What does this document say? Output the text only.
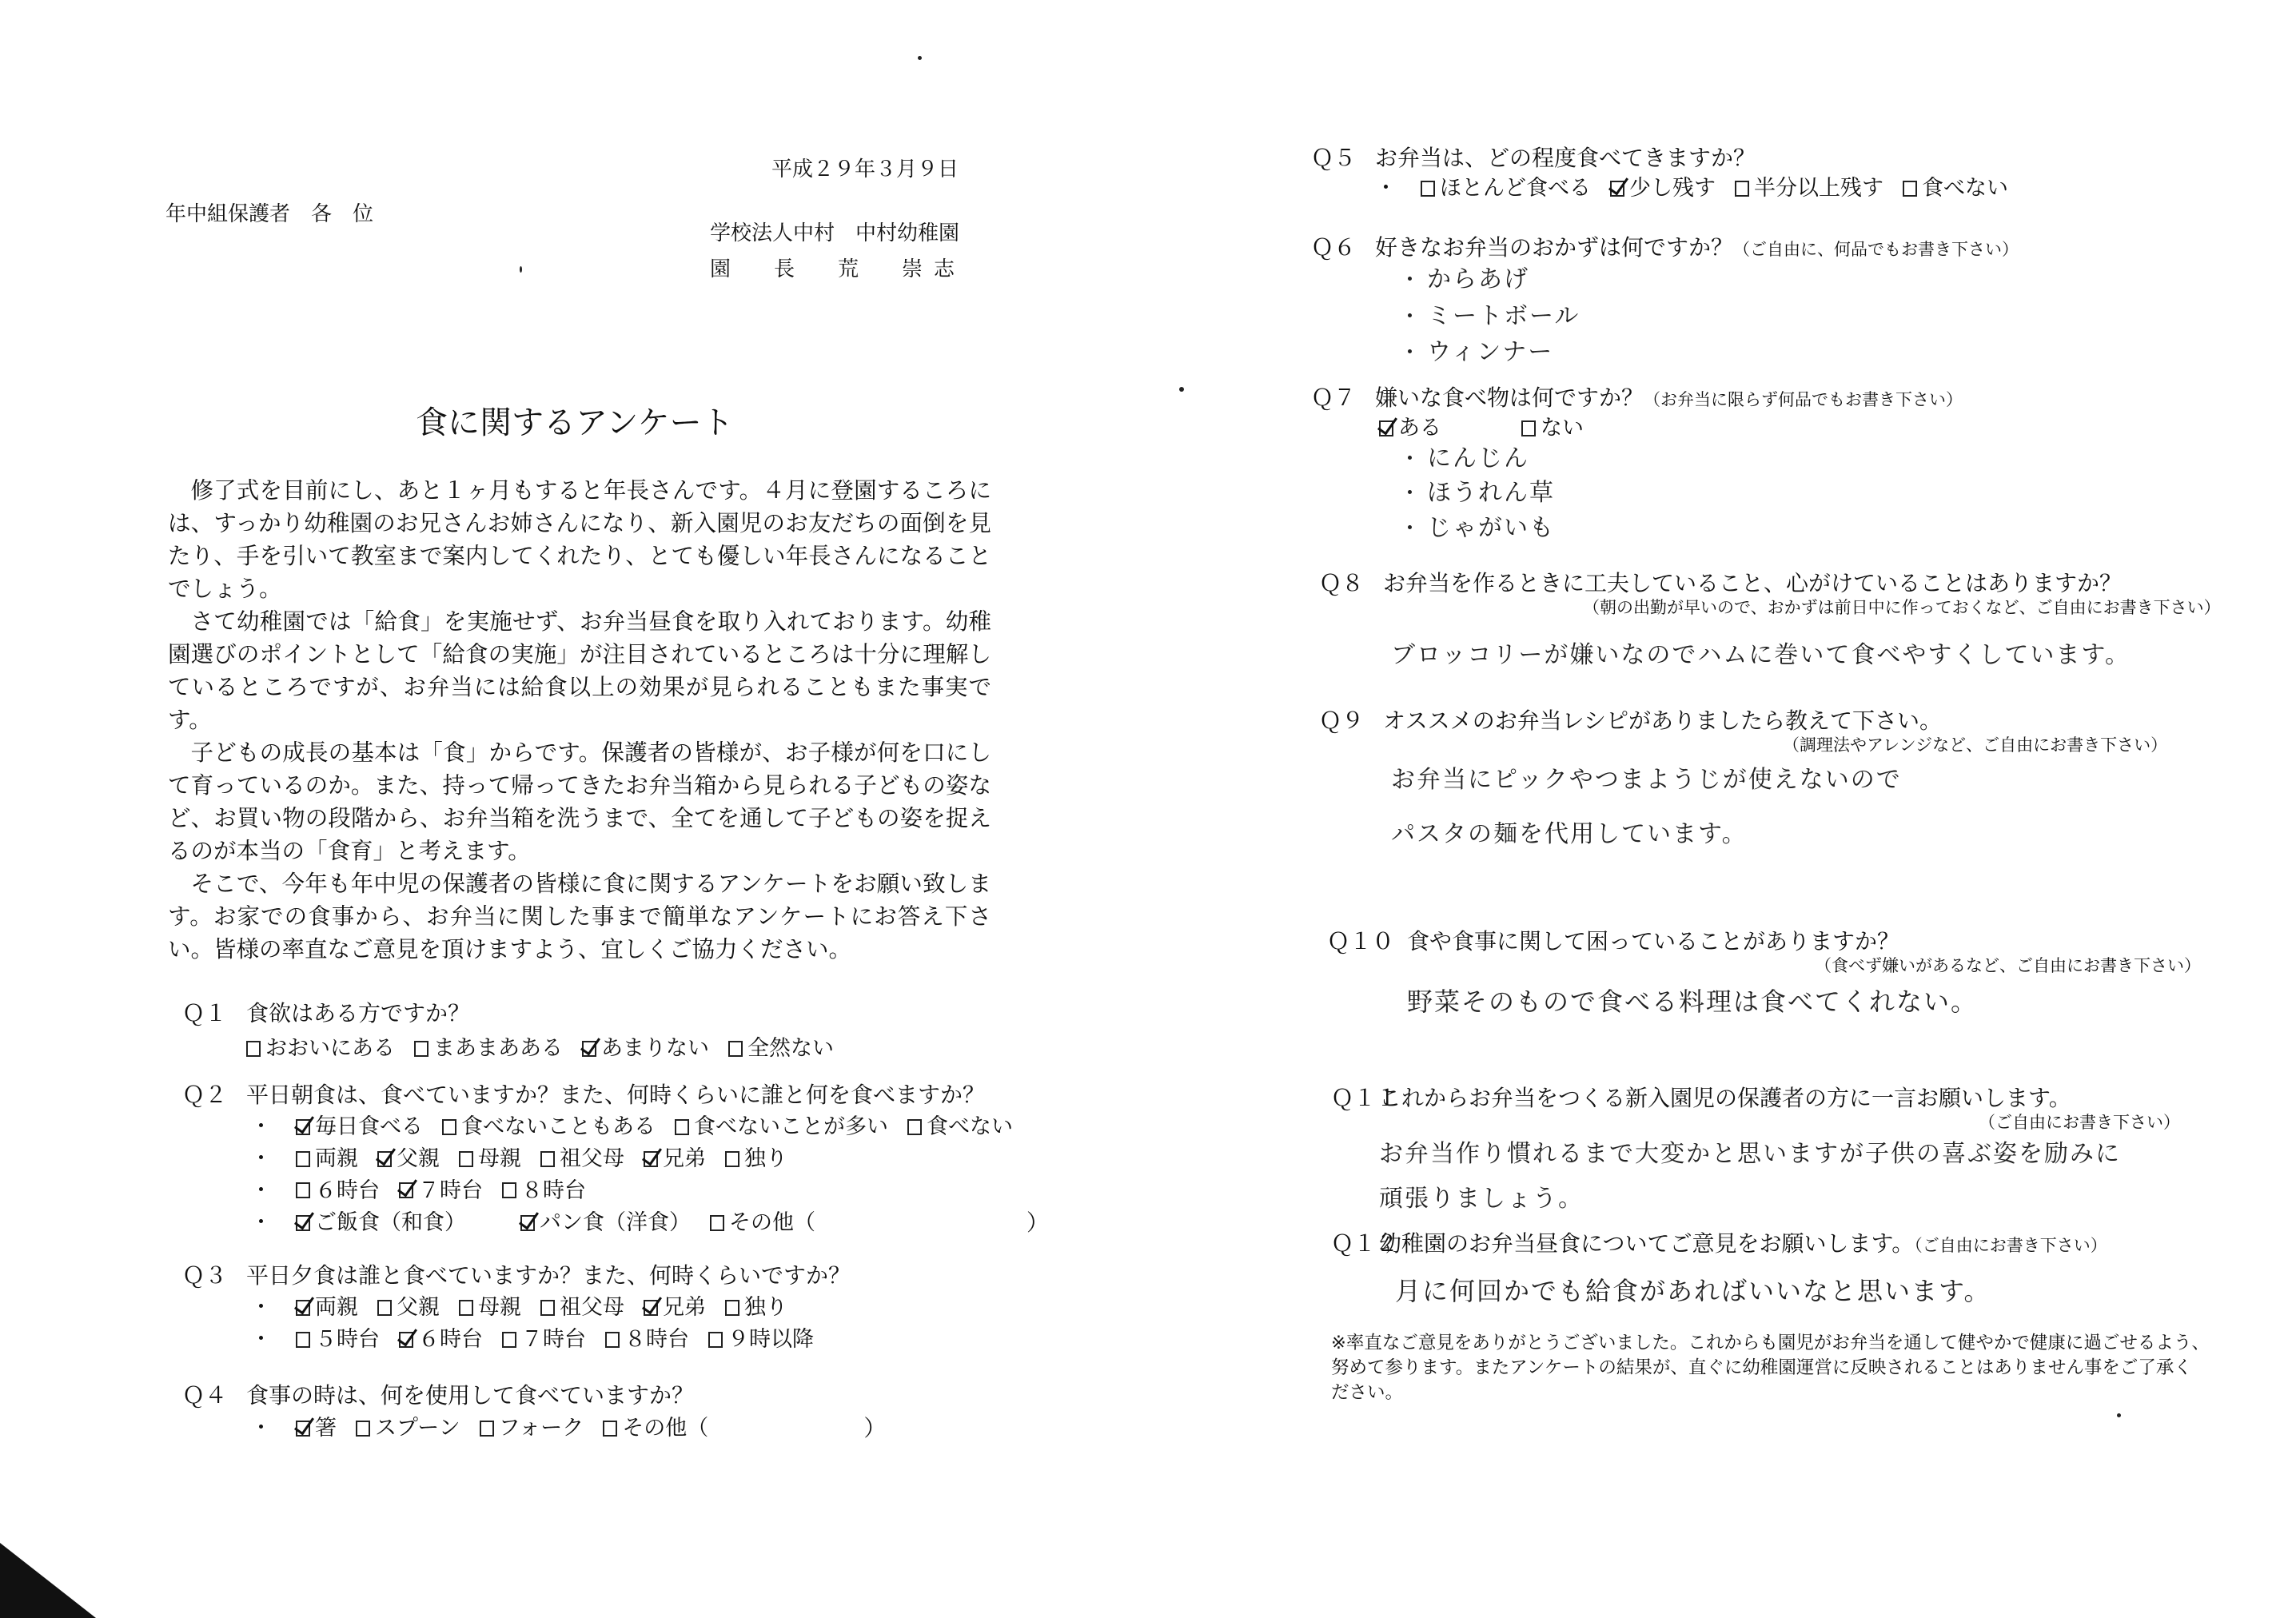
平成２９年３月９日
年中組保護者　各　位
学校法人中村　中村幼稚園
園　長　荒　崇志
食に関するアンケート

修了式を目前にし、あと１ヶ月もすると年長さんです。４月に登園するころには、すっかり幼稚園のお兄さんお姉さんになり、新入園児のお友だちの面倒を見たり、手を引いて教室まで案内してくれたり、とても優しい年長さんになることでしょう。

さて幼稚園では「給食」を実施せず、お弁当昼食を取り入れております。幼稚園選びのポイントとして「給食の実施」が注目されているところは十分に理解しているところですが、お弁当には給食以上の効果が見られることもまた事実です。

子どもの成長の基本は「食」からです。保護者の皆様が、お子様が何を口にして育っているのか。また、持って帰ってきたお弁当箱から見られる子どもの姿など、お買い物の段階から、お弁当箱を洗うまで、全てを通して子どもの姿を捉えるのが本当の「食育」と考えます。

そこで、今年も年中児の保護者の皆様に食に関するアンケートをお願い致します。お家での食事から、お弁当に関した事まで簡単なアンケートにお答え下さい。皆様の率直なご意見を頂けますよう、宜しくご協力ください。

Ｑ１ 食欲はある方ですか？
おおいにある まあまあある あまりない 全然ない
Ｑ２ 平日朝食は、食べていますか？また、何時くらいに誰と何を食べますか？
・ 毎日食べる 食べないこともある 食べないことが多い 食べない
・ 両親 父親 母親 祖父母 兄弟 独り
・ ６時台 ７時台 ８時台
・ ご飯食（和食）	パン食（洋食） その他（	）
Ｑ３ 平日夕食は誰と食べていますか？また、何時くらいですか？
・ 両親 父親 母親 祖父母 兄弟 独り
・ ５時台 ６時台 ７時台 ８時台 ９時以降
Ｑ４ 食事の時は、何を使用して食べていますか？
・ 箸 スプーン フォーク その他（	）
Ｑ５ お弁当は、どの程度食べてきますか？
・ ほとんど食べる 少し残す 半分以上残す 食べない
Ｑ６ 好きなお弁当のおかずは何ですか？（ご自由に、何品でもお書き下さい）
・ からあげ
・ ミートボール
・ ウィンナー
Ｑ７ 嫌いな食べ物は何ですか？（お弁当に限らず何品でもお書き下さい）
ある	ない
・ にんじん
・ ほうれん草
・ じゃがいも
Ｑ８ お弁当を作るときに工夫していること、心がけていることはありますか？
（朝の出勤が早いので、おかずは前日中に作っておくなど、ご自由にお書き下さい）
ブロッコリーが嫌いなのでハムに巻いて食べやすくしています。
Ｑ９ オススメのお弁当レシピがありましたら教えて下さい。
（調理法やアレンジなど、ご自由にお書き下さい）
お弁当にピックやつまようじが使えないので
パスタの麺を代用しています。
Ｑ１０ 食や食事に関して困っていることがありますか？
（食べず嫌いがあるなど、ご自由にお書き下さい）
野菜そのもので食べる料理は食べてくれない。
Ｑ１１これからお弁当をつくる新入園児の保護者の方に一言お願いします。
（ご自由にお書き下さい）
お弁当作り慣れるまで大変かと思いますが子供の喜ぶ姿を励みに
頑張りましょう。
Ｑ１２幼稚園のお弁当昼食についてご意見をお願いします。（ご自由にお書き下さい）
月に何回かでも給食があればいいなと思います。
※率直なご意見をありがとうございました。これからも園児がお弁当を通して健やかで健康に過ごせるよう、
努めて参ります。またアンケートの結果が、直ぐに幼稚園運営に反映されることはありません事をご了承く
ださい。
